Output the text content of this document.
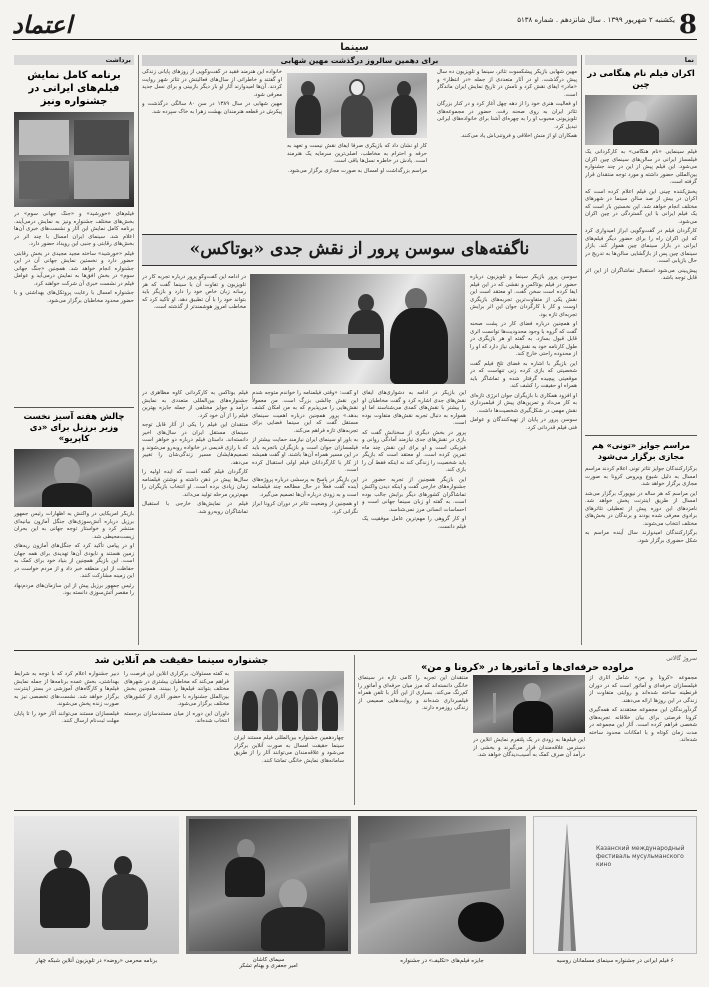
8
یکشنبه ۲ شهریور ۱۳۹۹ . سال شانزدهم . شماره ۵۱۳۸
اعتماد
سینما
برداشت
برنامه کامل نمایش فیلم‌های ایرانی در جشنواره ونیز

فیلم‌های «خورشید» و «جنگ جهانی سوم» در بخش‌های مختلف جشنواره ونیز به نمایش درمی‌آیند. برنامه کامل نمایش این آثار و نشست‌های خبری آن‌ها اعلام شد. سینمای ایران امسال با چند اثر در بخش‌های رقابتی و جنبی این رویداد حضور دارد.

فیلم «خورشید» ساخته مجید مجیدی در بخش رقابتی حضور دارد و نخستین نمایش جهانی آن در این جشنواره انجام خواهد شد. همچنین «جنگ جهانی سوم» در بخش افق‌ها به نمایش درمی‌آید و عوامل فیلم در نشست خبری آن شرکت خواهند کرد.

جشنواره امسال با رعایت پروتکل‌های بهداشتی و با حضور محدود مخاطبان برگزار می‌شود.

چالش هفته آسیز نخست وزیر برزیل برای «دی کاپریو»

بازیگر آمریکایی در واکنش به اظهارات رئیس جمهور برزیل درباره آتش‌سوزی‌های جنگل آمازون بیانیه‌ای منتشر کرد و خواستار توجه جهانی به این بحران زیست‌محیطی شد.

او در پیامی تأکید کرد که جنگل‌های آمازون ریه‌های زمین هستند و نابودی آن‌ها تهدیدی برای همه جهان است. این بازیگر همچنین از بنیاد خود برای کمک به حفاظت از این منطقه خبر داد و از مردم خواست در این زمینه مشارکت کنند.

رئیس جمهور برزیل پیش از این سازمان‌های مردم‌نهاد را مقصر آتش‌سوزی دانسته بود.

برای دهمین سالروز درگذشت مهین شهابی

مهین شهابی بازیگر پیشکسوت تئاتر، سینما و تلویزیون ده سال پیش درگذشت. او در آثار متعددی از جمله «در انتظار» و «مادر» ایفای نقش کرد و نامش در تاریخ نمایش ایران ماندگار است.

او فعالیت هنری خود را از دهه چهل آغاز کرد و در کنار بزرگان تئاتر ایران به روی صحنه رفت. حضور در مجموعه‌های تلویزیونی محبوب او را به چهره‌ای آشنا برای خانواده‌های ایرانی تبدیل کرد.

همکاران او از منش اخلاقی و فروتنی‌اش یاد می‌کنند.

کار او نشان داد که بازیگری صرفاً ایفای نقش نیست و تعهد به حرفه و احترام به مخاطب، اصلی‌ترین سرمایه یک هنرمند است. یادش در خاطره نسل‌ها باقی است.

مراسم بزرگداشت او امسال به صورت مجازی برگزار می‌شود.

خانواده این هنرمند فقید در گفت‌وگویی از روزهای پایانی زندگی او گفتند و خاطراتی از سال‌های فعالیتش در تئاتر شهر روایت کردند. آن‌ها امیدوارند آثار او بار دیگر بازبینی و برای نسل جدید معرفی شود.

مهین شهابی در سال ۱۳۸۹ در سن ۸۰ سالگی درگذشت و پیکرش در قطعه هنرمندان بهشت زهرا به خاک سپرده شد.

نما
اکران فیلم نام هنگامی در چین

فیلم سینمایی «نام هنگامی» به کارگردانی یک فیلمساز ایرانی در سالن‌های سینمای چین اکران می‌شود. این فیلم پیش از این در چند جشنواره بین‌المللی حضور داشته و مورد توجه منتقدان قرار گرفته است.

پخش‌کننده چینی این فیلم اعلام کرده است که اکران در بیش از صد سالن سینما در شهرهای مختلف انجام خواهد شد. این نخستین بار است که یک فیلم ایرانی با این گستردگی در چین اکران می‌شود.

کارگردان فیلم در گفت‌وگویی ابراز امیدواری کرد که این اکران راه را برای حضور دیگر فیلم‌های ایرانی در بازار سینمای چین هموار کند. بازار سینمای چین پس از بازگشایی سالن‌ها به تدریج در حال بازیابی است.

پیش‌بینی می‌شود استقبال تماشاگران از این اثر قابل توجه باشد.

مراسم جوایز «تونی» هم مجازی برگزار می‌شود

برگزارکنندگان جوایز تئاتر تونی اعلام کردند مراسم امسال به دلیل شیوع ویروس کرونا به صورت مجازی برگزار خواهد شد.

این مراسم که هر ساله در نیویورک برگزار می‌شد امسال از طریق اینترنت پخش خواهد شد. نامزدهای این دوره پیش از تعطیلی تئاترهای برادوی معرفی شده بودند و برندگان در بخش‌های مختلف انتخاب می‌شوند.

برگزارکنندگان امیدوارند سال آینده مراسم به شکل حضوری برگزار شود.

ناگفته‌های سوسن پرور از نقش جدی «بوتاکس»

سوسن پرور بازیگر سینما و تلویزیون درباره حضور در فیلم بوتاکس و نقشی که در این فیلم ایفا کرده است سخن گفت. او معتقد است این نقش یکی از متفاوت‌ترین تجربه‌های بازیگری اوست و کار با کارگردان جوان این اثر برایش تجربه‌ای تازه بود.

او همچنین درباره فضای کار در پشت صحنه گفت که گروه با وجود محدودیت‌ها توانست اثری قابل قبول بسازد. به گفته او هر بازیگری در طول کارنامه خود به نقش‌هایی نیاز دارد که او را از محدوده راحتی خارج کند.

این بازیگر با اشاره به فضای تلخ فیلم گفت شخصیتی که بازی کرده زنی تنهاست که در موقعیتی پیچیده گرفتار شده و تماشاگر باید همراه او حقیقت را کشف کند.

او افزود همکاری با بازیگران جوان انرژی تازه‌ای به کار می‌داد و تمرین‌های پیش از فیلمبرداری نقش مهمی در شکل‌گیری شخصیت‌ها داشت.

سوسن پرور در پایان از تهیه‌کنندگان و عوامل فنی فیلم قدردانی کرد.

در ادامه این گفت‌وگو پرور درباره تجربه کار در تلویزیون و تفاوت آن با سینما گفت که هر رسانه زبان خاص خود را دارد و بازیگر باید بتواند خود را با آن تطبیق دهد. او تأکید کرد که مخاطب امروز هوشمندتر از گذشته است.

فیلم بوتاکس به کارگردانی کاوه مظاهری در جشنواره‌های بین‌المللی متعددی به نمایش درآمد و جوایز مختلفی از جمله جایزه بهترین فیلم را از آن خود کرد.

منتقدان این فیلم را یکی از آثار قابل توجه سینمای مستقل ایران در سال‌های اخیر دانسته‌اند. داستان فیلم درباره دو خواهر است که با رازی قدیمی در خانواده روبه‌رو می‌شوند و تصمیم‌هایشان مسیر زندگی‌شان را تغییر می‌دهد.

کارگردان فیلم گفته است که ایده اولیه را سال‌ها پیش در ذهن داشته و نوشتن فیلمنامه زمان زیادی برده است. او انتخاب بازیگران را مهم‌ترین مرحله تولید می‌داند.

فیلم در نمایش‌های خارجی با استقبال تماشاگران روبه‌رو شد.

او گفت: «وقتی فیلمنامه را خواندم متوجه شدم این نقش چالشی بزرگ است. من معمولاً نقش‌هایی را می‌پذیرم که به من امکان کشف بدهد.» پرور همچنین درباره اهمیت سینمای مستقل گفت که این سینما فضایی برای تجربه‌های تازه فراهم می‌کند.

به باور او سینمای ایران نیازمند حمایت بیشتر از فیلمسازان جوان است و بازیگران باتجربه باید در این مسیر همراه آن‌ها باشند. او گفت همیشه از کار با کارگردانان فیلم اولی استقبال کرده است.

این بازیگر در پاسخ به پرسشی درباره پروژه‌های آینده گفت فعلاً در حال مطالعه چند فیلمنامه است و به زودی درباره آن‌ها تصمیم می‌گیرد.

او همچنین از وضعیت تئاتر در دوران کرونا ابراز نگرانی کرد.

این بازیگر در ادامه به دشواری‌های ایفای نقش‌های جدی اشاره کرد و گفت مخاطبان او را بیشتر با نقش‌های کمدی می‌شناسند اما او همواره به دنبال تجربه نقش‌های متفاوت بوده است.

پرور در بخش دیگری از سخنانش گفت که بازی در نقش‌های جدی نیازمند آمادگی روانی و فیزیکی است و او برای این نقش چند ماه تمرین کرده است. او معتقد است که بازیگر باید شخصیت را زندگی کند نه اینکه فقط آن را بازی کند.

این بازیگر همچنین از تجربه حضور در جشنواره‌های خارجی گفت و اینکه دیدن واکنش تماشاگران کشورهای دیگر برایش جالب بوده است. به گفته او زبان سینما جهانی است و احساسات انسانی مرز نمی‌شناسد.

او کار گروهی را مهم‌ترین عامل موفقیت یک فیلم دانست.

جشنواره سینما حقیقت هم آنلاین شد

چهاردهمین جشنواره بین‌المللی فیلم مستند ایران سینما حقیقت امسال به صورت آنلاین برگزار می‌شود و علاقه‌مندان می‌توانند آثار را از طریق سامانه‌های نمایش خانگی تماشا کنند.

دبیر جشنواره اعلام کرد که با توجه به شرایط بهداشتی، بخش عمده برنامه‌ها از جمله نمایش فیلم‌ها و کارگاه‌های آموزشی در بستر اینترنت برگزار خواهد شد. نشست‌های تخصصی نیز به صورت زنده پخش می‌شوند.

فیلمسازان مستند می‌توانند آثار خود را تا پایان مهلت ثبت‌نام ارسال کنند.

به گفته مسئولان، برگزاری آنلاین این فرصت را فراهم می‌کند که مخاطبان بیشتری در شهرهای مختلف بتوانند فیلم‌ها را ببینند. همچنین بخش بین‌الملل جشنواره با حضور آثاری از کشورهای مختلف برگزار می‌شود.

داوران این دوره از میان مستندسازان برجسته انتخاب شده‌اند.

سروژ گالاتی
مراوده حرفه‌ای‌ها و آماتورها در «کرونا و من»

مجموعه «کرونا و من» شامل آثاری از فیلمسازان حرفه‌ای و آماتور است که در دوران قرنطینه ساخته شده‌اند و روایتی متفاوت از زندگی در این روزها ارائه می‌دهند.

گردآورندگان این مجموعه معتقدند که همه‌گیری کرونا فرصتی برای بیان خلاقانه تجربه‌های شخصی فراهم کرده است. آثار این مجموعه در مدت زمان کوتاه و با امکانات محدود ساخته شده‌اند.

این فیلم‌ها به زودی در یک پلتفرم نمایش آنلاین در دسترس علاقه‌مندان قرار می‌گیرند و بخشی از درآمد آن صرف کمک به آسیب‌دیدگان خواهد شد.

منتقدان این تجربه را گامی تازه در سینمای خانگی دانسته‌اند که مرز میان حرفه‌ای و آماتور را کم‌رنگ می‌کند. بسیاری از این آثار با تلفن همراه فیلمبرداری شده‌اند و روایت‌هایی صمیمی از زندگی روزمره دارند.

برنامه محرمی «روضه» در تلویزیون آنلاین شبکه چهار	سیمای کاشان
امیر جعفری و بهنام تشکر
جایزه فیلم‌های «تکلیف» در جشنواره
Казанский международный фестиваль мусульманского кино
۶ فیلم ایرانی در جشنواره سینمای مسلمانان روسیه
